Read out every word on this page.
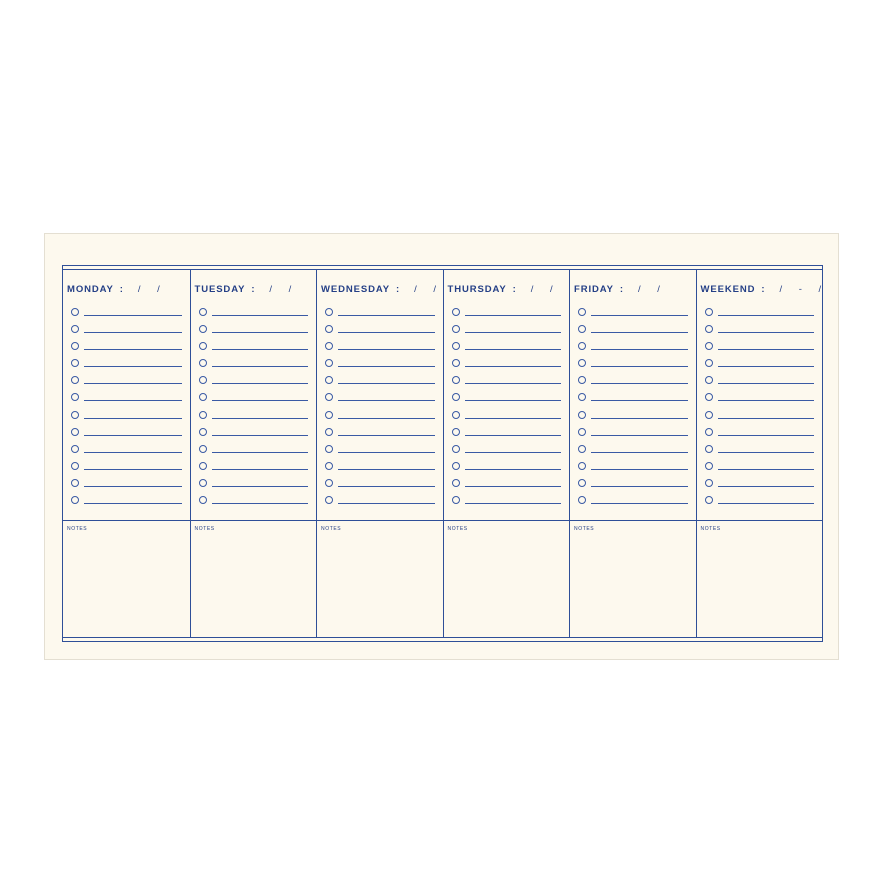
MONDAY : / /
NOTES
TUESDAY : / /
NOTES
WEDNESDAY : / /
NOTES
THURSDAY : / /
NOTES
FRIDAY : / /
NOTES
WEEKEND : / - /
NOTES
